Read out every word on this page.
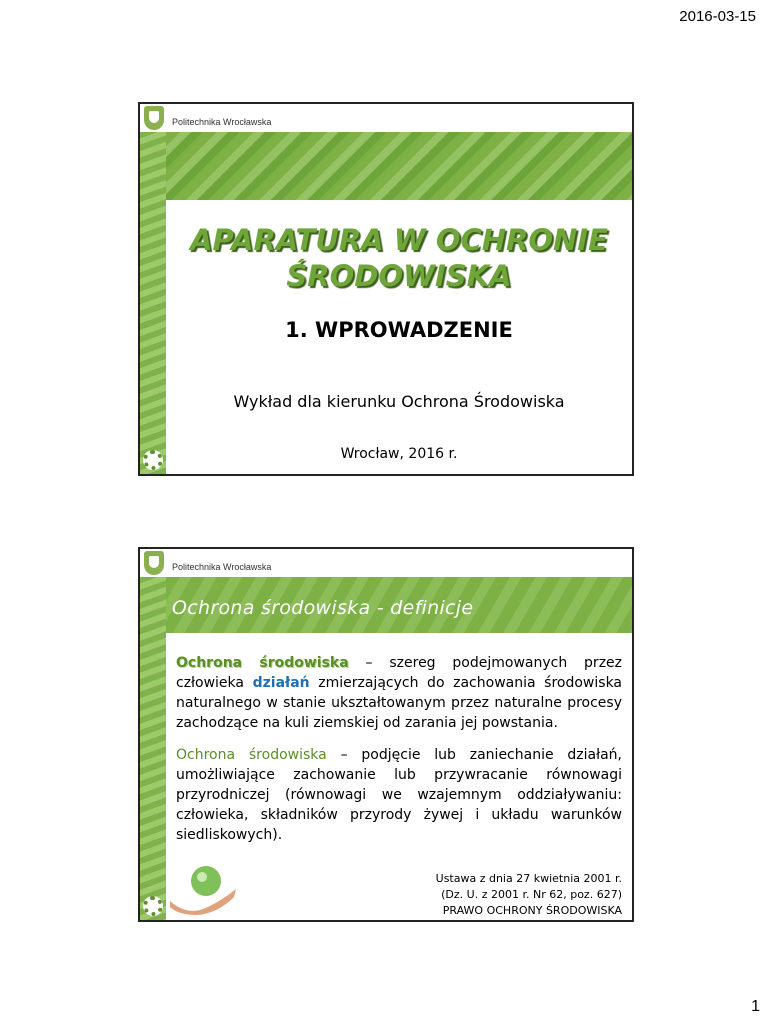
2016-03-15
Politechnika Wrocławska
APARATURA W OCHRONIE
ŚRODOWISKA
1. WPROWADZENIE
Wykład dla kierunku Ochrona Środowiska
Wrocław, 2016 r.
Politechnika Wrocławska
Ochrona środowiska - definicje

Ochrona środowiska – szereg podejmowanych przez człowieka działań zmierzających do zachowania środowiska naturalnego w stanie ukształtowanym przez naturalne procesy zachodzące na kuli ziemskiej od zarania jej powstania.

Ochrona środowiska – podjęcie lub zaniechanie działań, umożliwiające zachowanie lub przywracanie równowagi przyrodniczej (równowagi we wzajemnym oddziaływaniu: człowieka, składników przyrody żywej i układu warunków siedliskowych).

Ustawa z dnia 27 kwietnia 2001 r.
(Dz. U. z 2001 r. Nr 62, poz. 627)
PRAWO OCHRONY ŚRODOWISKA
1
